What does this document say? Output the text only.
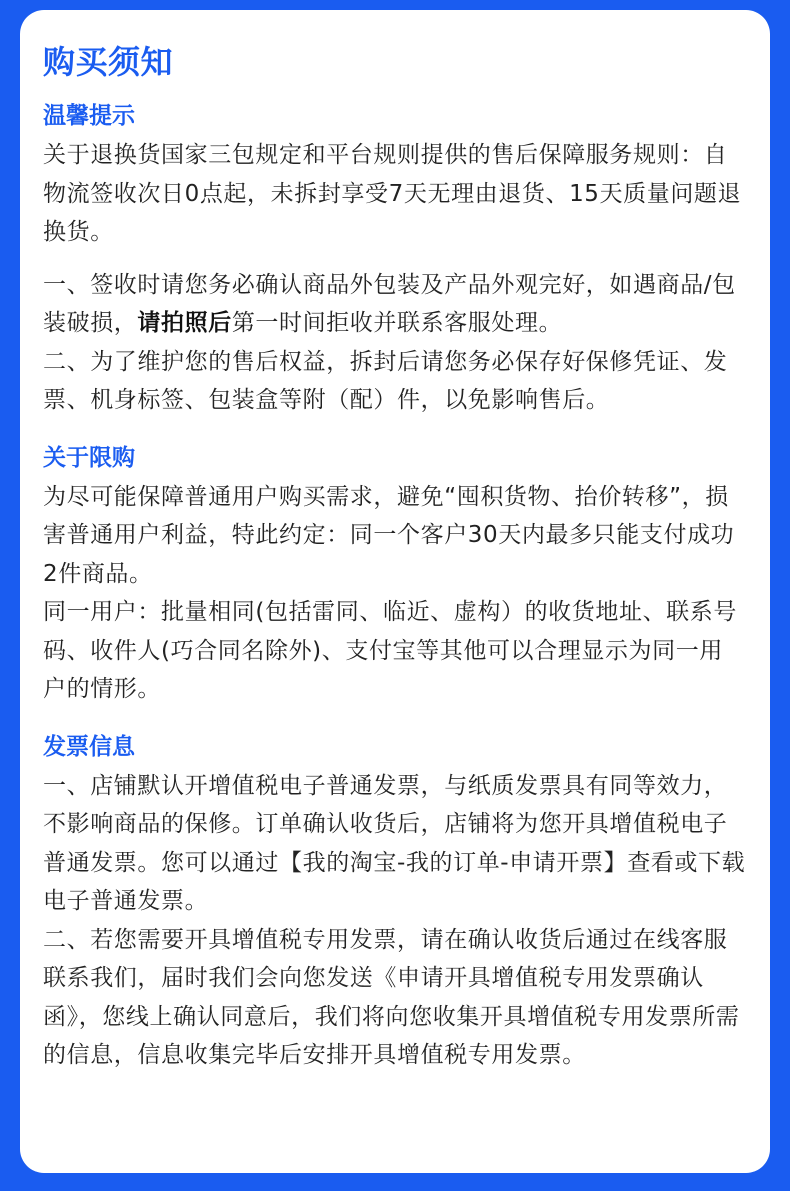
购买须知
温馨提示

关于退换货国家三包规定和平台规则提供的售后保障服务规则：自物流签收次日0点起，未拆封享受7天无理由退货、15天质量问题退换货。

一、签收时请您务必确认商品外包装及产品外观完好，如遇商品/包装破损，请拍照后第一时间拒收并联系客服处理。

二、为了维护您的售后权益，拆封后请您务必保存好保修凭证、发票、机身标签、包装盒等附（配）件，以免影响售后。

关于限购

为尽可能保障普通用户购买需求，避免“囤积货物、抬价转移”，损害普通用户利益，特此约定：同一个客户30天内最多只能支付成功2件商品。

同一用户：批量相同(包括雷同、临近、虚构）的收货地址、联系号码、收件人(巧合同名除外)、支付宝等其他可以合理显示为同一用户的情形。

发票信息

一、店铺默认开增值税电子普通发票，与纸质发票具有同等效力，不影响商品的保修。订单确认收货后，店铺将为您开具增值税电子普通发票。您可以通过【我的淘宝-我的订单-申请开票】查看或下载电子普通发票。

二、若您需要开具增值税专用发票，请在确认收货后通过在线客服联系我们，届时我们会向您发送《申请开具增值税专用发票确认函》，您线上确认同意后，我们将向您收集开具增值税专用发票所需的信息，信息收集完毕后安排开具增值税专用发票。
